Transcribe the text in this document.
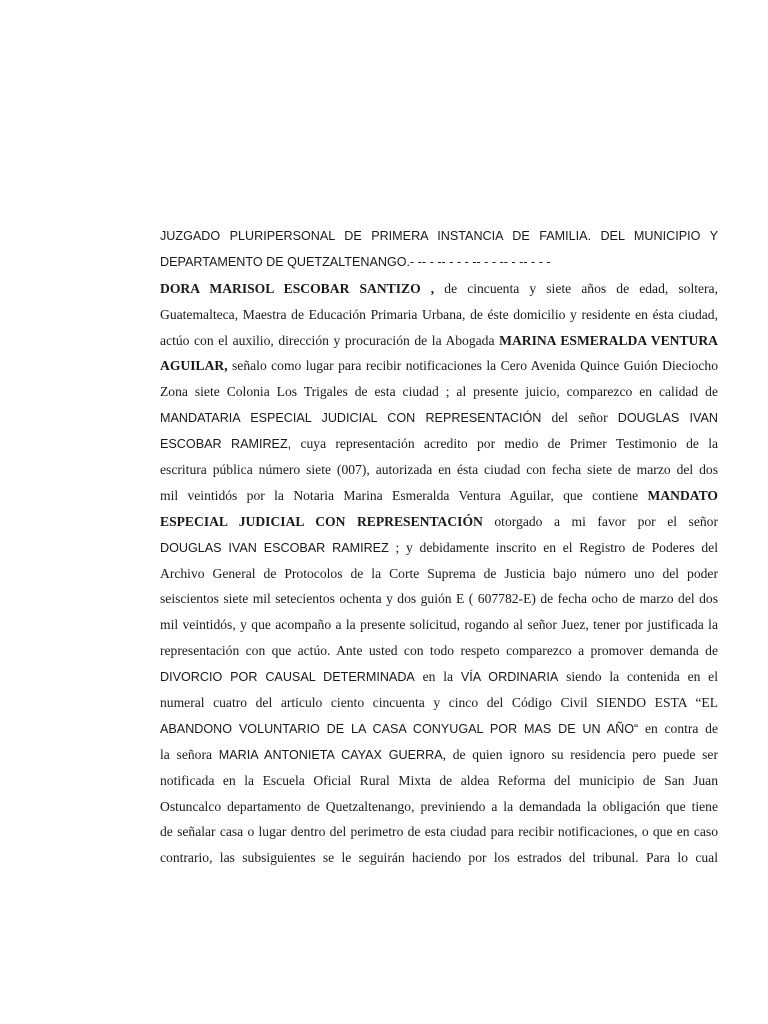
JUZGADO PLURIPERSONAL DE PRIMERA INSTANCIA DE FAMILIA. DEL MUNICIPIO Y
DEPARTAMENTO DE QUETZALTENANGO.- -- - -- - - - -- - - -- - -- - - -
DORA MARISOL ESCOBAR SANTIZO , de cincuenta y siete años de edad, soltera,
Guatemalteca, Maestra de Educación Primaria Urbana, de éste domicilio y residente en ésta ciudad,
actúo con el auxilio, dirección y procuración de la Abogada MARINA ESMERALDA VENTURA
AGUILAR, señalo como lugar para recibir notificaciones la Cero Avenida Quince Guión Dieciocho
Zona siete Colonia Los Trigales de esta ciudad ; al presente juicio, comparezco en calidad de
MANDATARIA ESPECIAL JUDICIAL CON REPRESENTACIÓN del señor DOUGLAS IVAN
ESCOBAR RAMIREZ, cuya representación acredito por medio de Primer Testimonio de la
escritura pública número siete (007), autorizada en ésta ciudad con fecha siete de marzo del dos
mil veintidós por la Notaria Marina Esmeralda Ventura Aguilar, que contiene MANDATO
ESPECIAL JUDICIAL CON REPRESENTACIÓN otorgado a mi favor por el señor
DOUGLAS IVAN ESCOBAR RAMIREZ ; y debidamente inscrito en el Registro de Poderes del
Archivo General de Protocolos de la Corte Suprema de Justicia bajo número uno del poder
seiscientos siete mil setecientos ochenta y dos guión E ( 607782-E) de fecha ocho de marzo del dos
mil veintidós, y que acompaño a la presente solicitud, rogando al señor Juez, tener por justificada la
representación con que actúo. Ante usted con todo respeto comparezco a promover demanda de
DIVORCIO POR CAUSAL DETERMINADA en la VÍA ORDINARIA siendo la contenida en el
numeral cuatro del articulo ciento cincuenta y cinco del Código Civil SIENDO ESTA “EL
ABANDONO VOLUNTARIO DE LA CASA CONYUGAL POR MAS DE UN AÑO“ en contra de
la señora MARIA ANTONIETA CAYAX GUERRA, de quien ignoro su residencia pero puede ser
notificada en la Escuela Oficial Rural Mixta de aldea Reforma del municipio de San Juan
Ostuncalco departamento de Quetzaltenango, previniendo a la demandada la obligación que tiene
de señalar casa o lugar dentro del perimetro de esta ciudad para recibir notificaciones, o que en caso
contrario, las subsiguientes se le seguirán haciendo por los estrados del tribunal. Para lo cual
